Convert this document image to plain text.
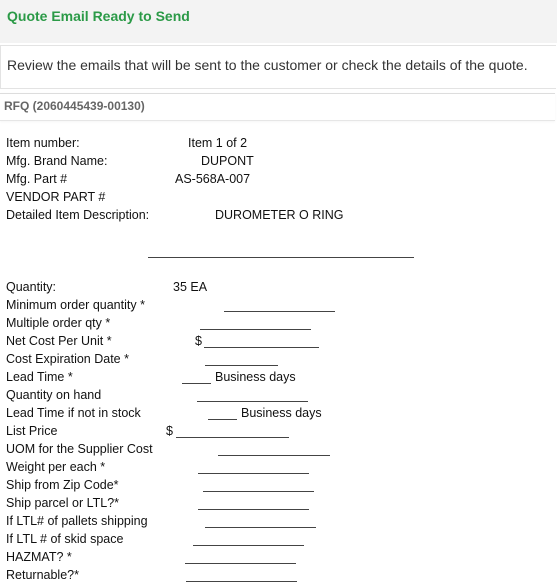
Quote Email Ready to Send
Review the emails that will be sent to the customer or check the details of the quote.
RFQ (2060445439-00130)
Item number:	Item 1 of 2
Mfg. Brand Name:	DUPONT
Mfg. Part #	AS-568A-007
VENDOR PART #
Detailed Item Description:	DUROMETER O RING
Quantity:	35 EA
Minimum order quantity *
Multiple order qty *
Net Cost Per Unit *	$
Cost Expiration Date *
Lead Time *	Business days
Quantity on hand
Lead Time if not in stock	Business days
List Price	$
UOM for the Supplier Cost
Weight per each *
Ship from Zip Code*
Ship parcel or LTL?*
If LTL# of pallets shipping
If LTL # of skid space
HAZMAT? *
Returnable?*
